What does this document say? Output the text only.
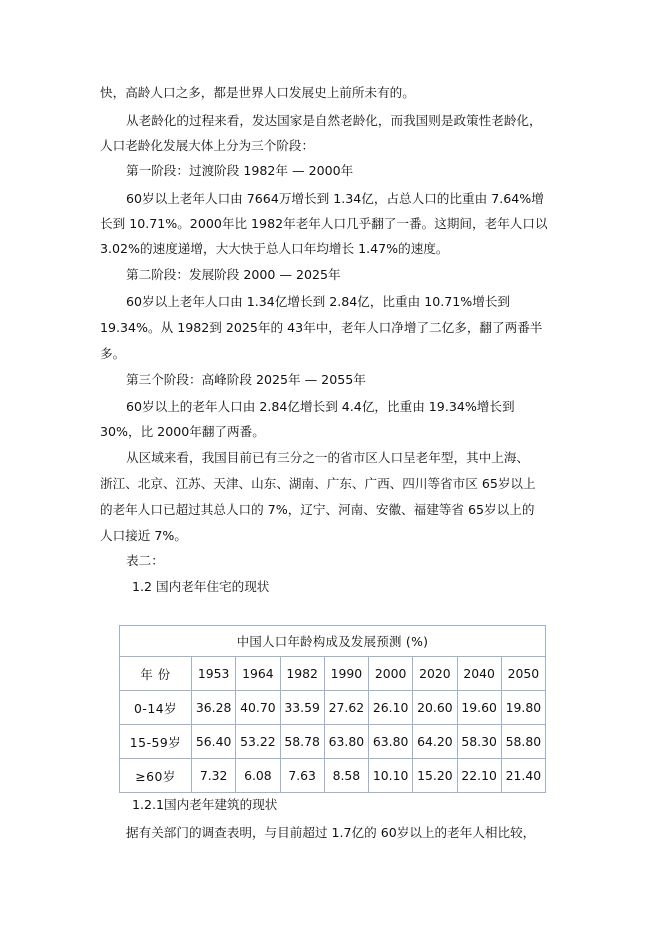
快，高龄人口之多，都是世界人口发展史上前所未有的。
从老龄化的过程来看，发达国家是自然老龄化，而我国则是政策性老龄化，
人口老龄化发展大体上分为三个阶段：
第一阶段：过渡阶段 1982年 — 2000年
60岁以上老年人口由 7664万增长到 1.34亿，占总人口的比重由 7.64%增
长到 10.71%。2000年比 1982年老年人口几乎翻了一番。这期间，老年人口以
3.02%的速度递增，大大快于总人口年均增长 1.47%的速度。
第二阶段：发展阶段 2000 — 2025年
60岁以上老年人口由 1.34亿增长到 2.84亿，比重由 10.71%增长到
19.34%。从 1982到 2025年的 43年中，老年人口净增了二亿多，翻了两番半
多。
第三个阶段：高峰阶段 2025年 — 2055年
60岁以上的老年人口由 2.84亿增长到 4.4亿，比重由 19.34%增长到
30%，比 2000年翻了两番。
从区域来看，我国目前已有三分之一的省市区人口呈老年型，其中上海、
浙江、北京、江苏、天津、山东、湖南、广东、广西、四川等省市区 65岁以上
的老年人口已超过其总人口的 7%，辽宁、河南、安徽、福建等省 65岁以上的
人口接近 7%。
表二：
1.2 国内老年住宅的现状
中国人口年龄构成及发展预测 (%)								
年 份	1953	1964	1982	1990	2000	2020	2040	2050
0-14岁	36.28	40.70	33.59	27.62	26.10	20.60	19.60	19.80
15-59岁	56.40	53.22	58.78	63.80	63.80	64.20	58.30	58.80
≥60岁	7.32	6.08	7.63	8.58	10.10	15.20	22.10	21.40
1.2.1国内老年建筑的现状
据有关部门的调查表明，与目前超过 1.7亿的 60岁以上的老年人相比较，
